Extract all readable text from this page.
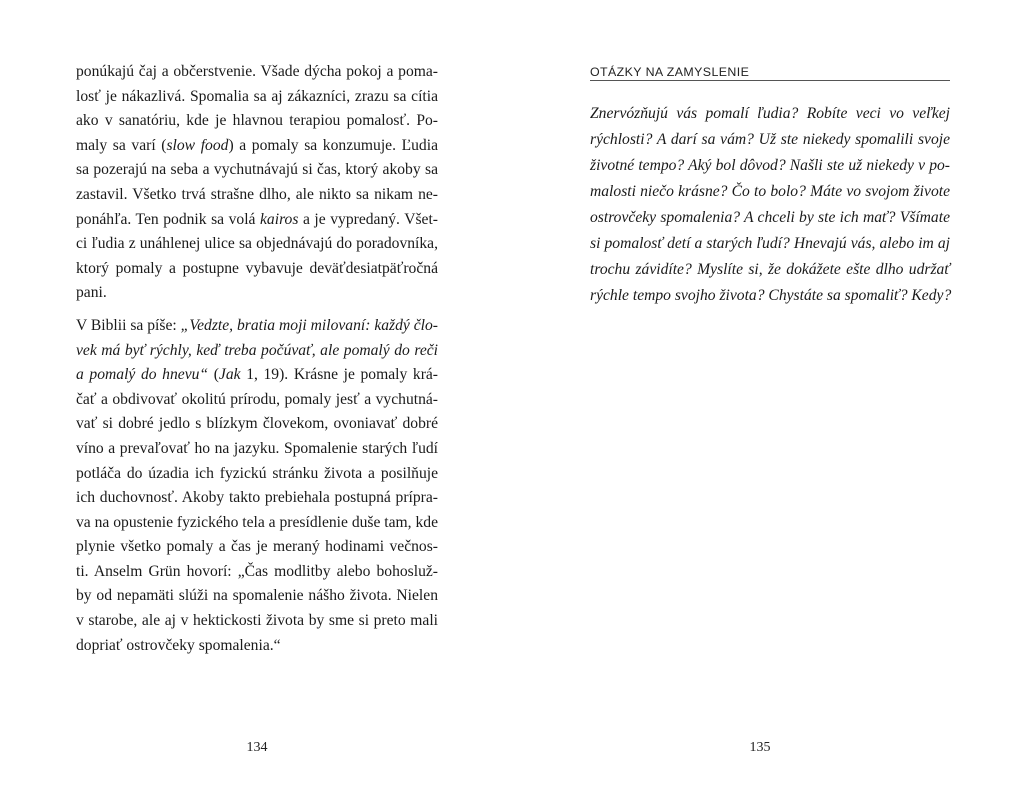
ponúkajú čaj a občerstvenie. Všade dýcha pokoj a poma-
losť je nákazlivá. Spomalia sa aj zákazníci, zrazu sa cítia
ako v sanatóriu, kde je hlavnou terapiou pomalosť. Po-
maly sa varí (slow food) a pomaly sa konzumuje. Ľudia
sa pozerajú na seba a vychutnávajú si čas, ktorý akoby sa
zastavil. Všetko trvá strašne dlho, ale nikto sa nikam ne-
ponáhľa. Ten podnik sa volá kairos a je vypredaný. Všet-
ci ľudia z unáhlenej ulice sa objednávajú do poradovníka,
ktorý pomaly a postupne vybavuje deväťdesiatpäťročná
pani.
V Biblii sa píše: „Vedzte, bratia moji milovaní: každý člo-
vek má byť rýchly, keď treba počúvať, ale pomalý do reči
a pomalý do hnevu“ (Jak 1, 19). Krásne je pomaly krá-
čať a obdivovať okolitú prírodu, pomaly jesť a vychutná-
vať si dobré jedlo s blízkym človekom, ovoniavať dobré
víno a prevaľovať ho na jazyku. Spomalenie starých ľudí
potláča do úzadia ich fyzickú stránku života a posilňuje
ich duchovnosť. Akoby takto prebiehala postupná prípra-
va na opustenie fyzického tela a presídlenie duše tam, kde
plynie všetko pomaly a čas je meraný hodinami večnos-
ti. Anselm Grün hovorí: „Čas modlitby alebo bohosluž-
by od nepamäti slúži na spomalenie nášho života. Nielen
v starobe, ale aj v hektickosti života by sme si preto mali
dopriať ostrovčeky spomalenia.“
134
OTÁZKY NA ZAMYSLENIE
Znervózňujú vás pomalí ľudia? Robíte veci vo veľkej
rýchlosti? A darí sa vám? Už ste niekedy spomalili svoje
životné tempo? Aký bol dôvod? Našli ste už niekedy v po-
malosti niečo krásne? Čo to bolo? Máte vo svojom živote
ostrovčeky spomalenia? A chceli by ste ich mať? Všímate
si pomalosť detí a starých ľudí? Hnevajú vás, alebo im aj
trochu závidíte? Myslíte si, že dokážete ešte dlho udržať
rýchle tempo svojho života? Chystáte sa spomaliť? Kedy?
135
